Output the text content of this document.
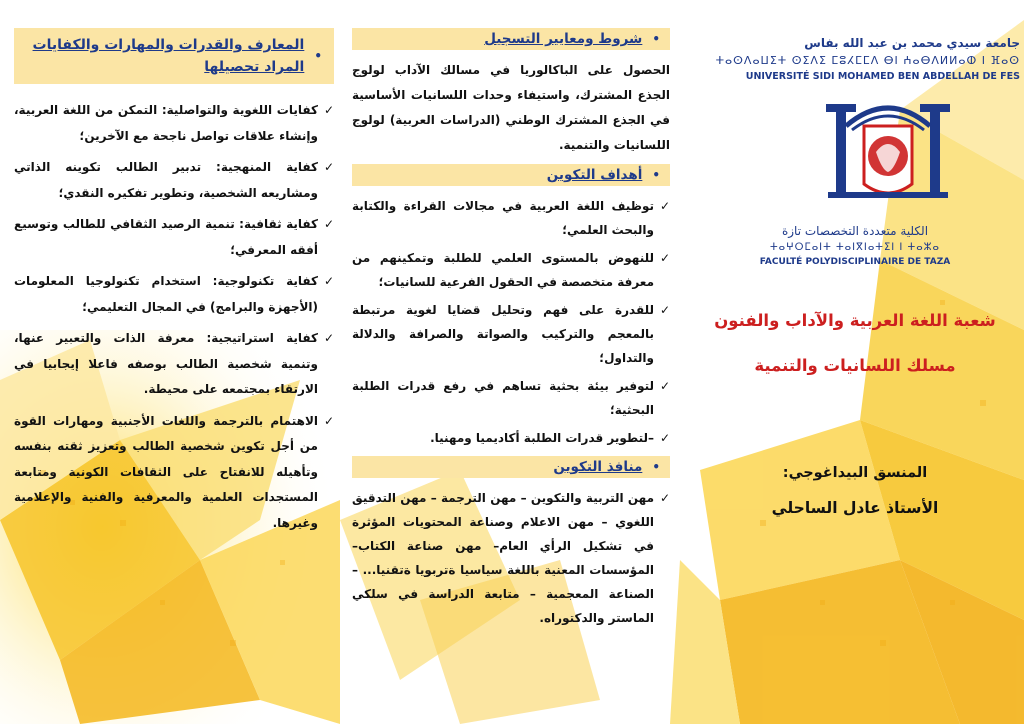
•
المعارف والقدرات والمهارات والكفايات المراد تحصيلها
✓
كفايات اللغوية والتواصلية: التمكن من اللغة العربية، وإنشاء علاقات تواصل ناجحة مع الآخرين؛
✓
كفاية المنهجية: تدبير الطالب تكوينه الذاتي ومشاريعه الشخصية، وتطوير تفكيره النقدي؛
✓
كفاية ثقافية: تنمية الرصيد الثقافي للطالب وتوسيع أفقه المعرفي؛
✓
كفاية تكنولوجية: استخدام تكنولوجيا المعلومات (الأجهزة والبرامج) في المجال التعليمي؛
✓
كفاية استراتيجية: معرفة الذات والتعبير عنها، وتنمية شخصية الطالب بوصفه فاعلا إيجابيا في الارتقاء بمجتمعه على محيطة.
✓
الاهتمام بالترجمة واللغات الأجنبية ومهارات القوة من أجل تكوين شخصية الطالب وتعزيز ثقته بنفسه وتأهيله للانفتاح على الثقافات الكونية ومتابعة المستجدات العلمية والمعرفية والفنية والإعلامية وغيرها.
•
شروط ومعايير التسجيل

الحصول على الباكالوريا في مسالك الآداب لولوج الجذع المشترك، واستيفاء وحدات اللسانيات الأساسية في الجذع المشترك الوطني (الدراسات العربية) لولوج اللسانيات والتنمية.

•
أهداف التكوين
✓
توظيف اللغة العربية في مجالات القراءة والكتابة والبحث العلمي؛
✓
للنهوض بالمستوى العلمي للطلبة وتمكينهم من معرفة متخصصة في الحقول الفرعية للسانيات؛
✓
للقدرة على فهم وتحليل قضايا لغوية مرتبطة بالمعجم والتركيب والصواتة والصرافة والدلالة والتداول؛
✓
لتوفير بيئة بحثية تساهم في رفع قدرات الطلبة البحثية؛
✓
–لتطوير قدرات الطلبة أكاديميا ومهنيا.
•
منافذ التكوين
✓
مهن التربية والتكوين – مهن الترجمة – مهن التدقيق اللغوي – مهن الاعلام وصناعة المحتويات المؤثرة في تشكيل الرأي العام– مهن صناعة الكتاب– المؤسسات المعنية باللغة سياسيا ةتربويا ةتقنيا... – الصناعة المعجمية – متابعة الدراسة في سلكي الماستر والدكتوراه.
جامعة سيدي محمد بن عبد الله بفاس
ⵜⴰⵙⴷⴰⵡⵉⵜ ⵙⵉⴷⵉ ⵎⵓⵃⵎⵎⴷ ⴱⵏ ⵄⴰⴱⴷⵍⵍⴰⵀ ⵏ ⴼⴰⵙ
UNIVERSITÉ SIDI MOHAMED BEN ABDELLAH DE FES
الكلية متعددة التخصصات تازة
ⵜⴰⵖⵔⵎⴰⵏⵜ ⵜⴰⵏⴳⵏⴰⵜⵉⵏ ⵏ ⵜⴰⵣⴰ
FACULTÉ POLYDISCIPLINAIRE DE TAZA
شعبة اللغة العربية والآداب والفنون
مسلك اللسانيات والتنمية
المنسق البيداغوجي:
الأستاذ عادل الساحلي
